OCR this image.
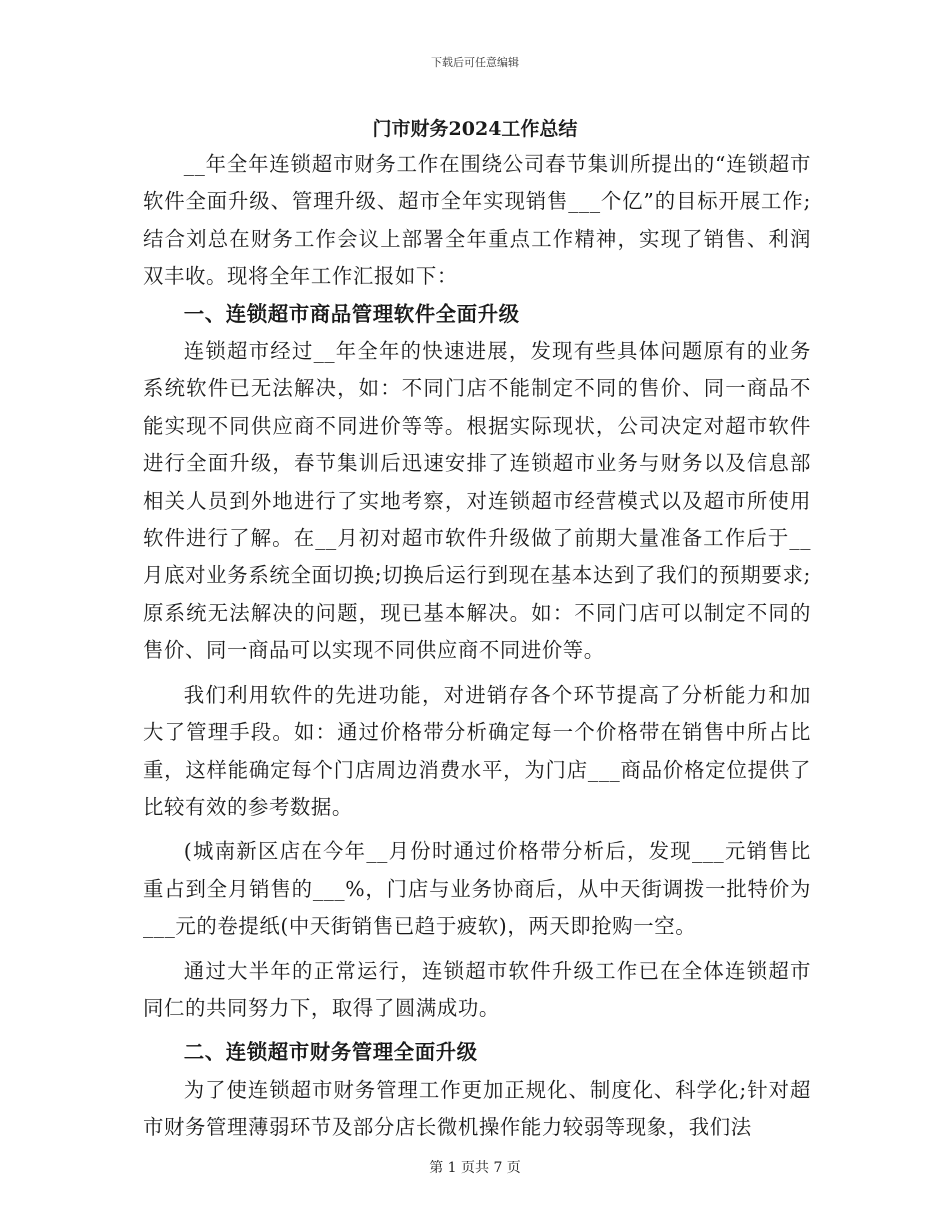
下载后可任意编辑
门市财务2024工作总结

__年全年连锁超市财务工作在围绕公司春节集训所提出的“连锁超市软件全面升级、管理升级、超市全年实现销售___个亿”的目标开展工作;结合刘总在财务工作会议上部署全年重点工作精神，实现了销售、利润双丰收。现将全年工作汇报如下：

一、连锁超市商品管理软件全面升级

连锁超市经过__年全年的快速进展，发现有些具体问题原有的业务系统软件已无法解决，如：不同门店不能制定不同的售价、同一商品不能实现不同供应商不同进价等等。根据实际现状，公司决定对超市软件进行全面升级，春节集训后迅速安排了连锁超市业务与财务以及信息部相关人员到外地进行了实地考察，对连锁超市经营模式以及超市所使用软件进行了解。在__月初对超市软件升级做了前期大量准备工作后于__月底对业务系统全面切换;切换后运行到现在基本达到了我们的预期要求;原系统无法解决的问题，现已基本解决。如：不同门店可以制定不同的售价、同一商品可以实现不同供应商不同进价等。

我们利用软件的先进功能，对进销存各个环节提高了分析能力和加大了管理手段。如：通过价格带分析确定每一个价格带在销售中所占比重，这样能确定每个门店周边消费水平，为门店___商品价格定位提供了比较有效的参考数据。

(城南新区店在今年__月份时通过价格带分析后，发现___元销售比重占到全月销售的___%，门店与业务协商后，从中天街调拨一批特价为___元的卷提纸(中天街销售已趋于疲软)，两天即抢购一空。

通过大半年的正常运行，连锁超市软件升级工作已在全体连锁超市同仁的共同努力下，取得了圆满成功。

二、连锁超市财务管理全面升级

为了使连锁超市财务管理工作更加正规化、制度化、科学化;针对超市财务管理薄弱环节及部分店长微机操作能力较弱等现象，我们法

第 1 页共 7 页
